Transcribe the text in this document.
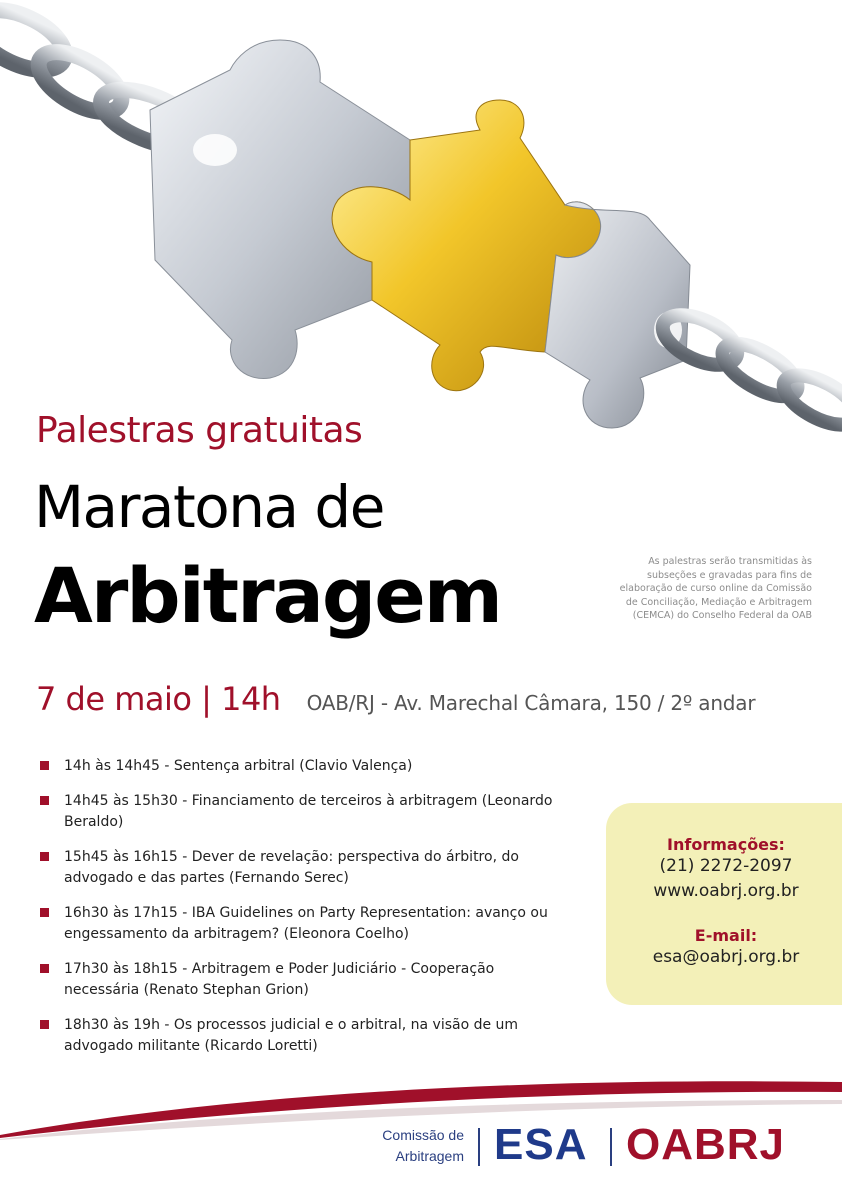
Palestras gratuitas
Maratona de
Arbitragem	As palestras serão transmitidas às
subseções e gravadas para fins de
elaboração de curso online da Comissão
de Conciliação, Mediação e Arbitragem
(CEMCA) do Conselho Federal da OAB
7 de maio | 14h OAB/RJ - Av. Marechal Câmara, 150 / 2º andar
14h às 14h45 - Sentença arbitral (Clavio Valença)
14h45 às 15h30 - Financiamento de terceiros à arbitragem (Leonardo Beraldo)
15h45 às 16h15 - Dever de revelação: perspectiva do árbitro, do advogado e das partes (Fernando Serec)
16h30 às 17h15 - IBA Guidelines on Party Representation: avanço ou engessamento da arbitragem? (Eleonora Coelho)
17h30 às 18h15 - Arbitragem e Poder Judiciário - Cooperação necessária (Renato Stephan Grion)
18h30 às 19h - Os processos judicial e o arbitral, na visão de um advogado militante (Ricardo Loretti)
Informações:
(21) 2272-2097
www.oabrj.org.br
E-mail:
esa@oabrj.org.br
Comissão de
Arbitragem ESA OABRJ
